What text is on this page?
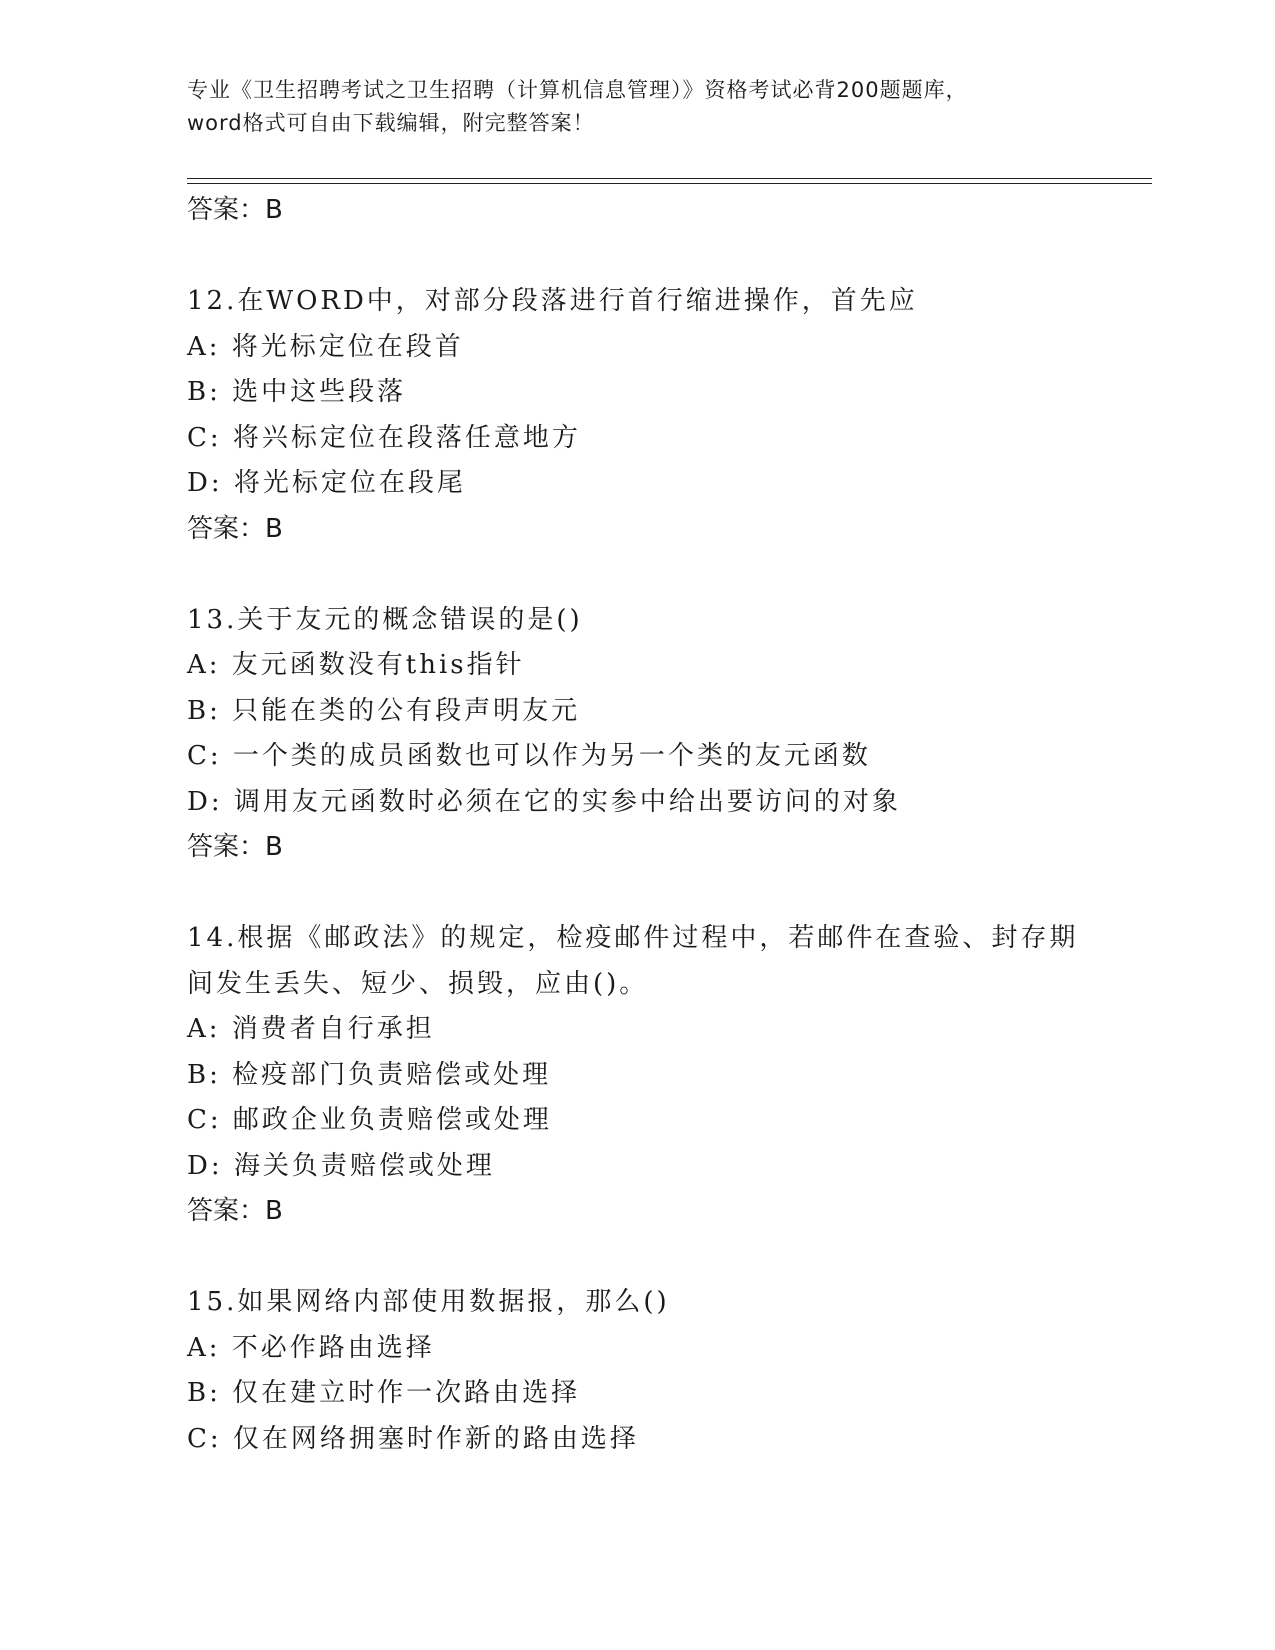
专业《卫生招聘考试之卫生招聘（计算机信息管理）》资格考试必背200题题库，
word格式可自由下载编辑，附完整答案！

答案：B

12.在WORD中，对部分段落进行首行缩进操作，首先应

A: 将光标定位在段首

B: 选中这些段落

C: 将兴标定位在段落任意地方

D: 将光标定位在段尾

答案：B

13.关于友元的概念错误的是()

A: 友元函数没有this指针

B: 只能在类的公有段声明友元

C: 一个类的成员函数也可以作为另一个类的友元函数

D: 调用友元函数时必须在它的实参中给出要访问的对象

答案：B

14.根据《邮政法》的规定，检疫邮件过程中，若邮件在查验、封存期间发生丢失、短少、损毁，应由()。

A: 消费者自行承担

B: 检疫部门负责赔偿或处理

C: 邮政企业负责赔偿或处理

D: 海关负责赔偿或处理

答案：B

15.如果网络内部使用数据报，那么()

A: 不必作路由选择

B: 仅在建立时作一次路由选择

C: 仅在网络拥塞时作新的路由选择
